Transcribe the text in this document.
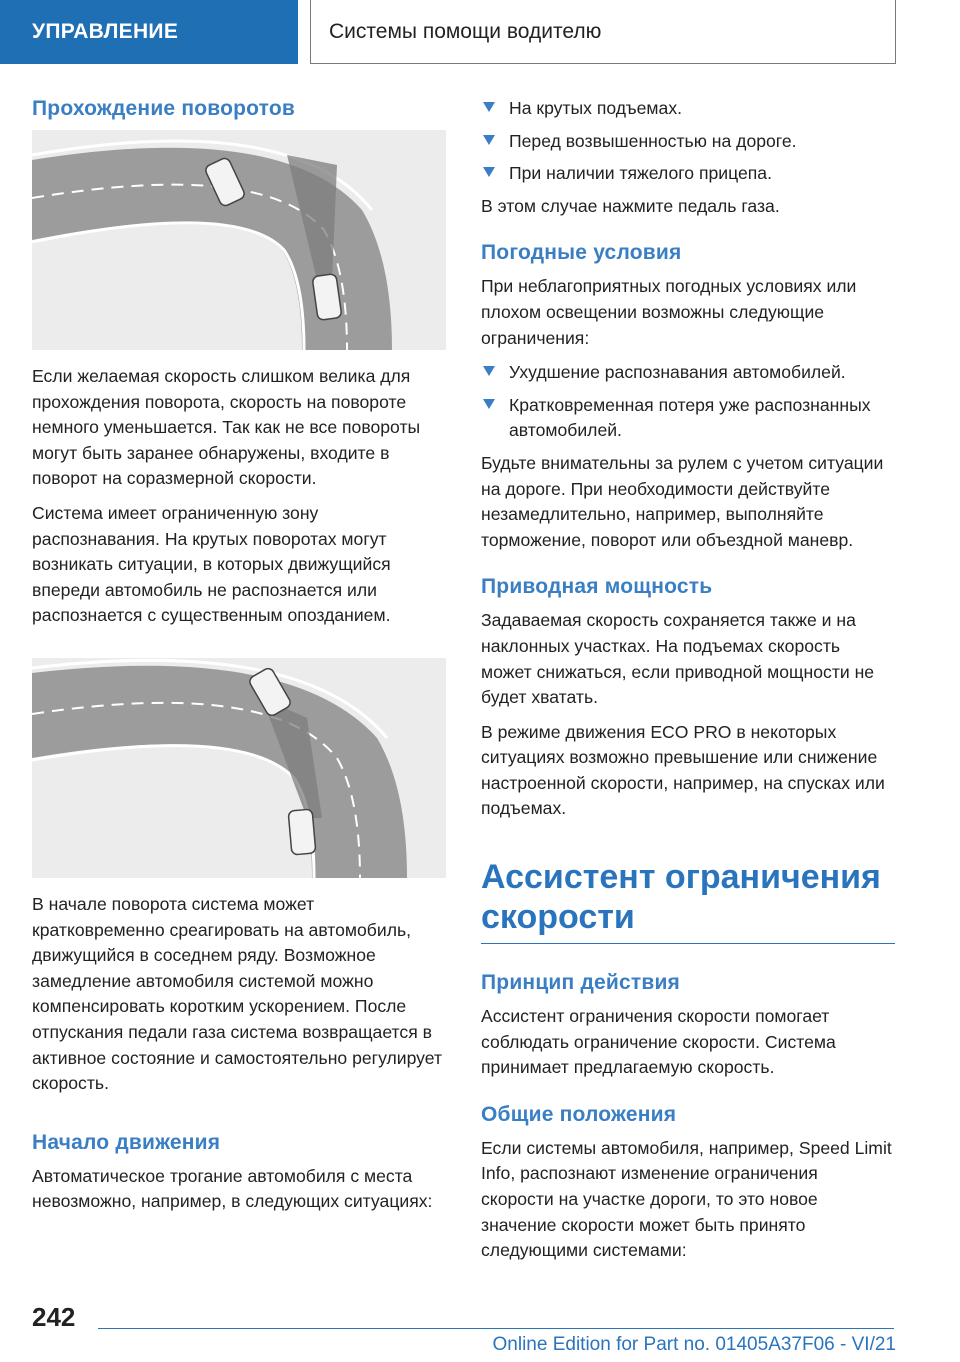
УПРАВЛЕНИЕ	Системы помощи водителю
Прохождение поворотов

Если желаемая скорость слишком велика для прохождения поворота, скорость на повороте немного уменьшается. Так как не все повороты могут быть заранее обнаружены, входите в поворот на соразмерной скорости.

Система имеет ограниченную зону распознавания. На крутых поворотах могут возникать ситуации, в которых движущийся впереди автомобиль не распознается или распознается с существенным опозданием.

В начале поворота система может кратковременно среагировать на автомобиль, движущийся в соседнем ряду. Возможное замедление автомобиля системой можно компенсировать коротким ускорением. После отпускания педали газа система возвращается в активное состояние и самостоятельно регулирует скорость.

Начало движения

Автоматическое трогание автомобиля с места невозможно, например, в следующих ситуациях:

На крутых подъемах.
Перед возвышенностью на дороге.
При наличии тяжелого прицепа.

В этом случае нажмите педаль газа.

Погодные условия

При неблагоприятных погодных условиях или плохом освещении возможны следующие ограничения:

Ухудшение распознавания автомобилей.
Кратковременная потеря уже распознанных автомобилей.

Будьте внимательны за рулем с учетом ситуации на дороге. При необходимости действуйте незамедлительно, например, выполняйте торможение, поворот или объездной маневр.

Приводная мощность

Задаваемая скорость сохраняется также и на наклонных участках. На подъемах скорость может снижаться, если приводной мощности не будет хватать.

В режиме движения ECO PRO в некоторых ситуациях возможно превышение или снижение настроенной скорости, например, на спусках или подъемах.

Ассистент ограничения скорости
Принцип действия

Ассистент ограничения скорости помогает соблюдать ограничение скорости. Система принимает предлагаемую скорость.

Общие положения

Если системы автомобиля, например, Speed Limit Info, распознают изменение ограничения скорости на участке дороги, то это новое значение скорости может быть принято следующими системами:

242
Online Edition for Part no. 01405A37F06 - VI/21
